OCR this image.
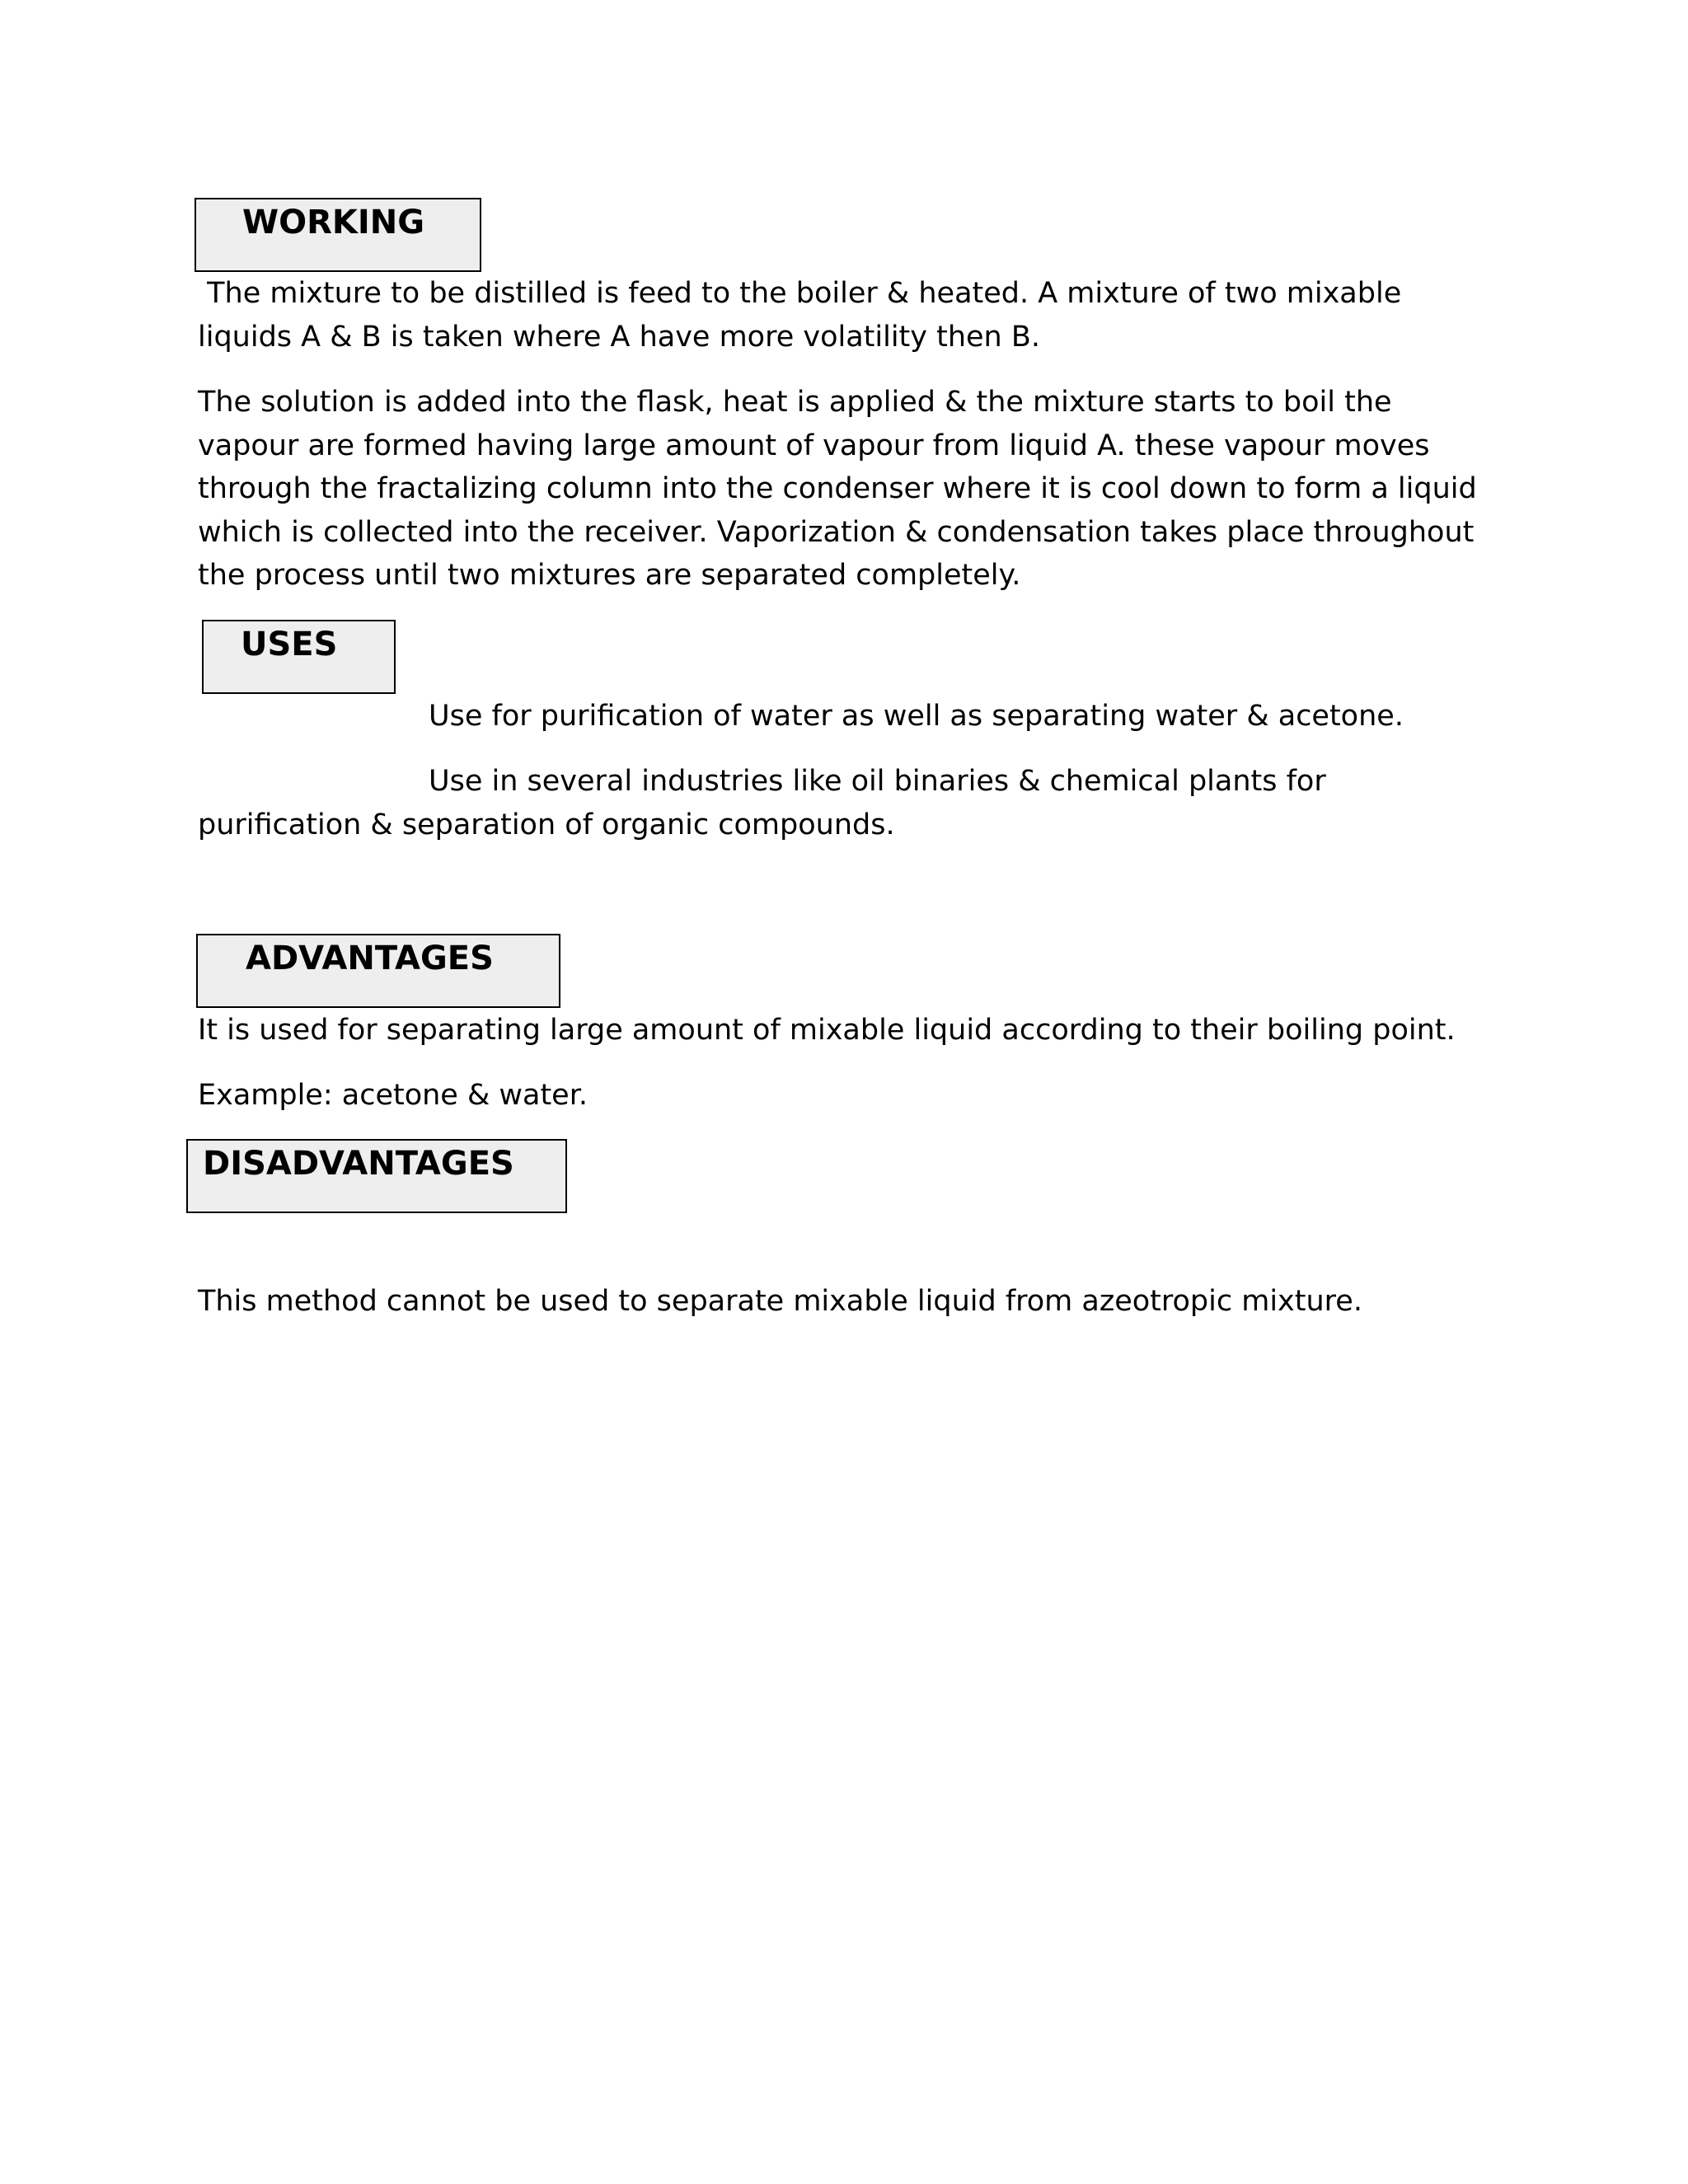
WORKING

The mixture to be distilled is feed to the boiler & heated. A mixture of two mixable liquids A & B is taken where A have more volatility then B.

The solution is added into the flask, heat is applied & the mixture starts to boil the vapour are formed having large amount of vapour from liquid A. these vapour moves through the fractalizing column into the condenser where it is cool down to form a liquid which is collected into the receiver. Vaporization & condensation takes place throughout the process until two mixtures are separated completely.

USES

Use for purification of water as well as separating water & acetone.

Use in several industries like oil binaries & chemical plants for purification & separation of organic compounds.

ADVANTAGES

It is used for separating large amount of mixable liquid according to their boiling point.

Example: acetone & water.

DISADVANTAGES

This method cannot be used to separate mixable liquid from azeotropic mixture.
